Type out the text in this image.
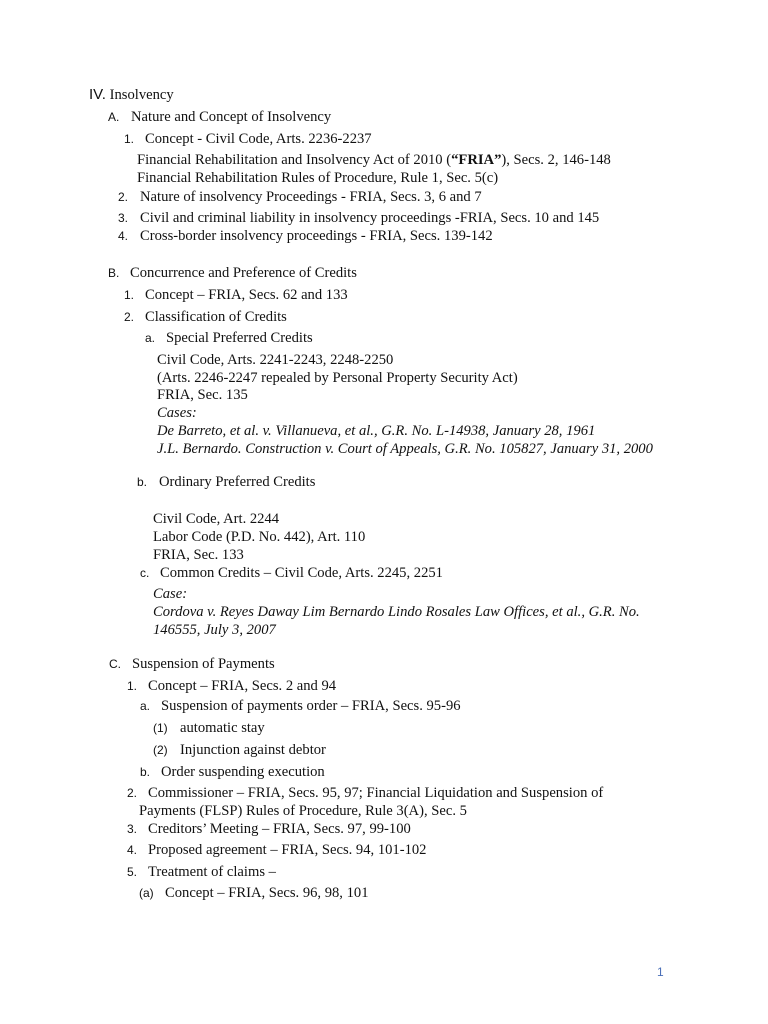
IV. Insolvency
A. Nature and Concept of Insolvency
1. Concept - Civil Code, Arts. 2236-2237
Financial Rehabilitation and Insolvency Act of 2010 (“FRIA”), Secs. 2, 146-148
Financial Rehabilitation Rules of Procedure, Rule 1, Sec. 5(c)
2. Nature of insolvency Proceedings - FRIA, Secs. 3, 6 and 7
3. Civil and criminal liability in insolvency proceedings -FRIA, Secs. 10 and 145
4. Cross-border insolvency proceedings - FRIA, Secs. 139-142
B. Concurrence and Preference of Credits
1. Concept – FRIA, Secs. 62 and 133
2. Classification of Credits
a. Special Preferred Credits
Civil Code, Arts. 2241-2243, 2248-2250
(Arts. 2246-2247 repealed by Personal Property Security Act)
FRIA, Sec. 135
Cases:
De Barreto, et al. v. Villanueva, et al., G.R. No. L-14938, January 28, 1961
J.L. Bernardo. Construction v. Court of Appeals, G.R. No. 105827, January 31, 2000
b. Ordinary Preferred Credits
Civil Code, Art. 2244
Labor Code (P.D. No. 442), Art. 110
FRIA, Sec. 133
c. Common Credits – Civil Code, Arts. 2245, 2251
Case:
Cordova v. Reyes Daway Lim Bernardo Lindo Rosales Law Offices, et al., G.R. No.
146555, July 3, 2007
C. Suspension of Payments
1. Concept – FRIA, Secs. 2 and 94
a. Suspension of payments order – FRIA, Secs. 95-96
(1) automatic stay
(2) Injunction against debtor
b. Order suspending execution
2. Commissioner – FRIA, Secs. 95, 97; Financial Liquidation and Suspension of
Payments (FLSP) Rules of Procedure, Rule 3(A), Sec. 5
3. Creditors’ Meeting – FRIA, Secs. 97, 99-100
4. Proposed agreement – FRIA, Secs. 94, 101-102
5. Treatment of claims –
(a) Concept – FRIA, Secs. 96, 98, 101
1
